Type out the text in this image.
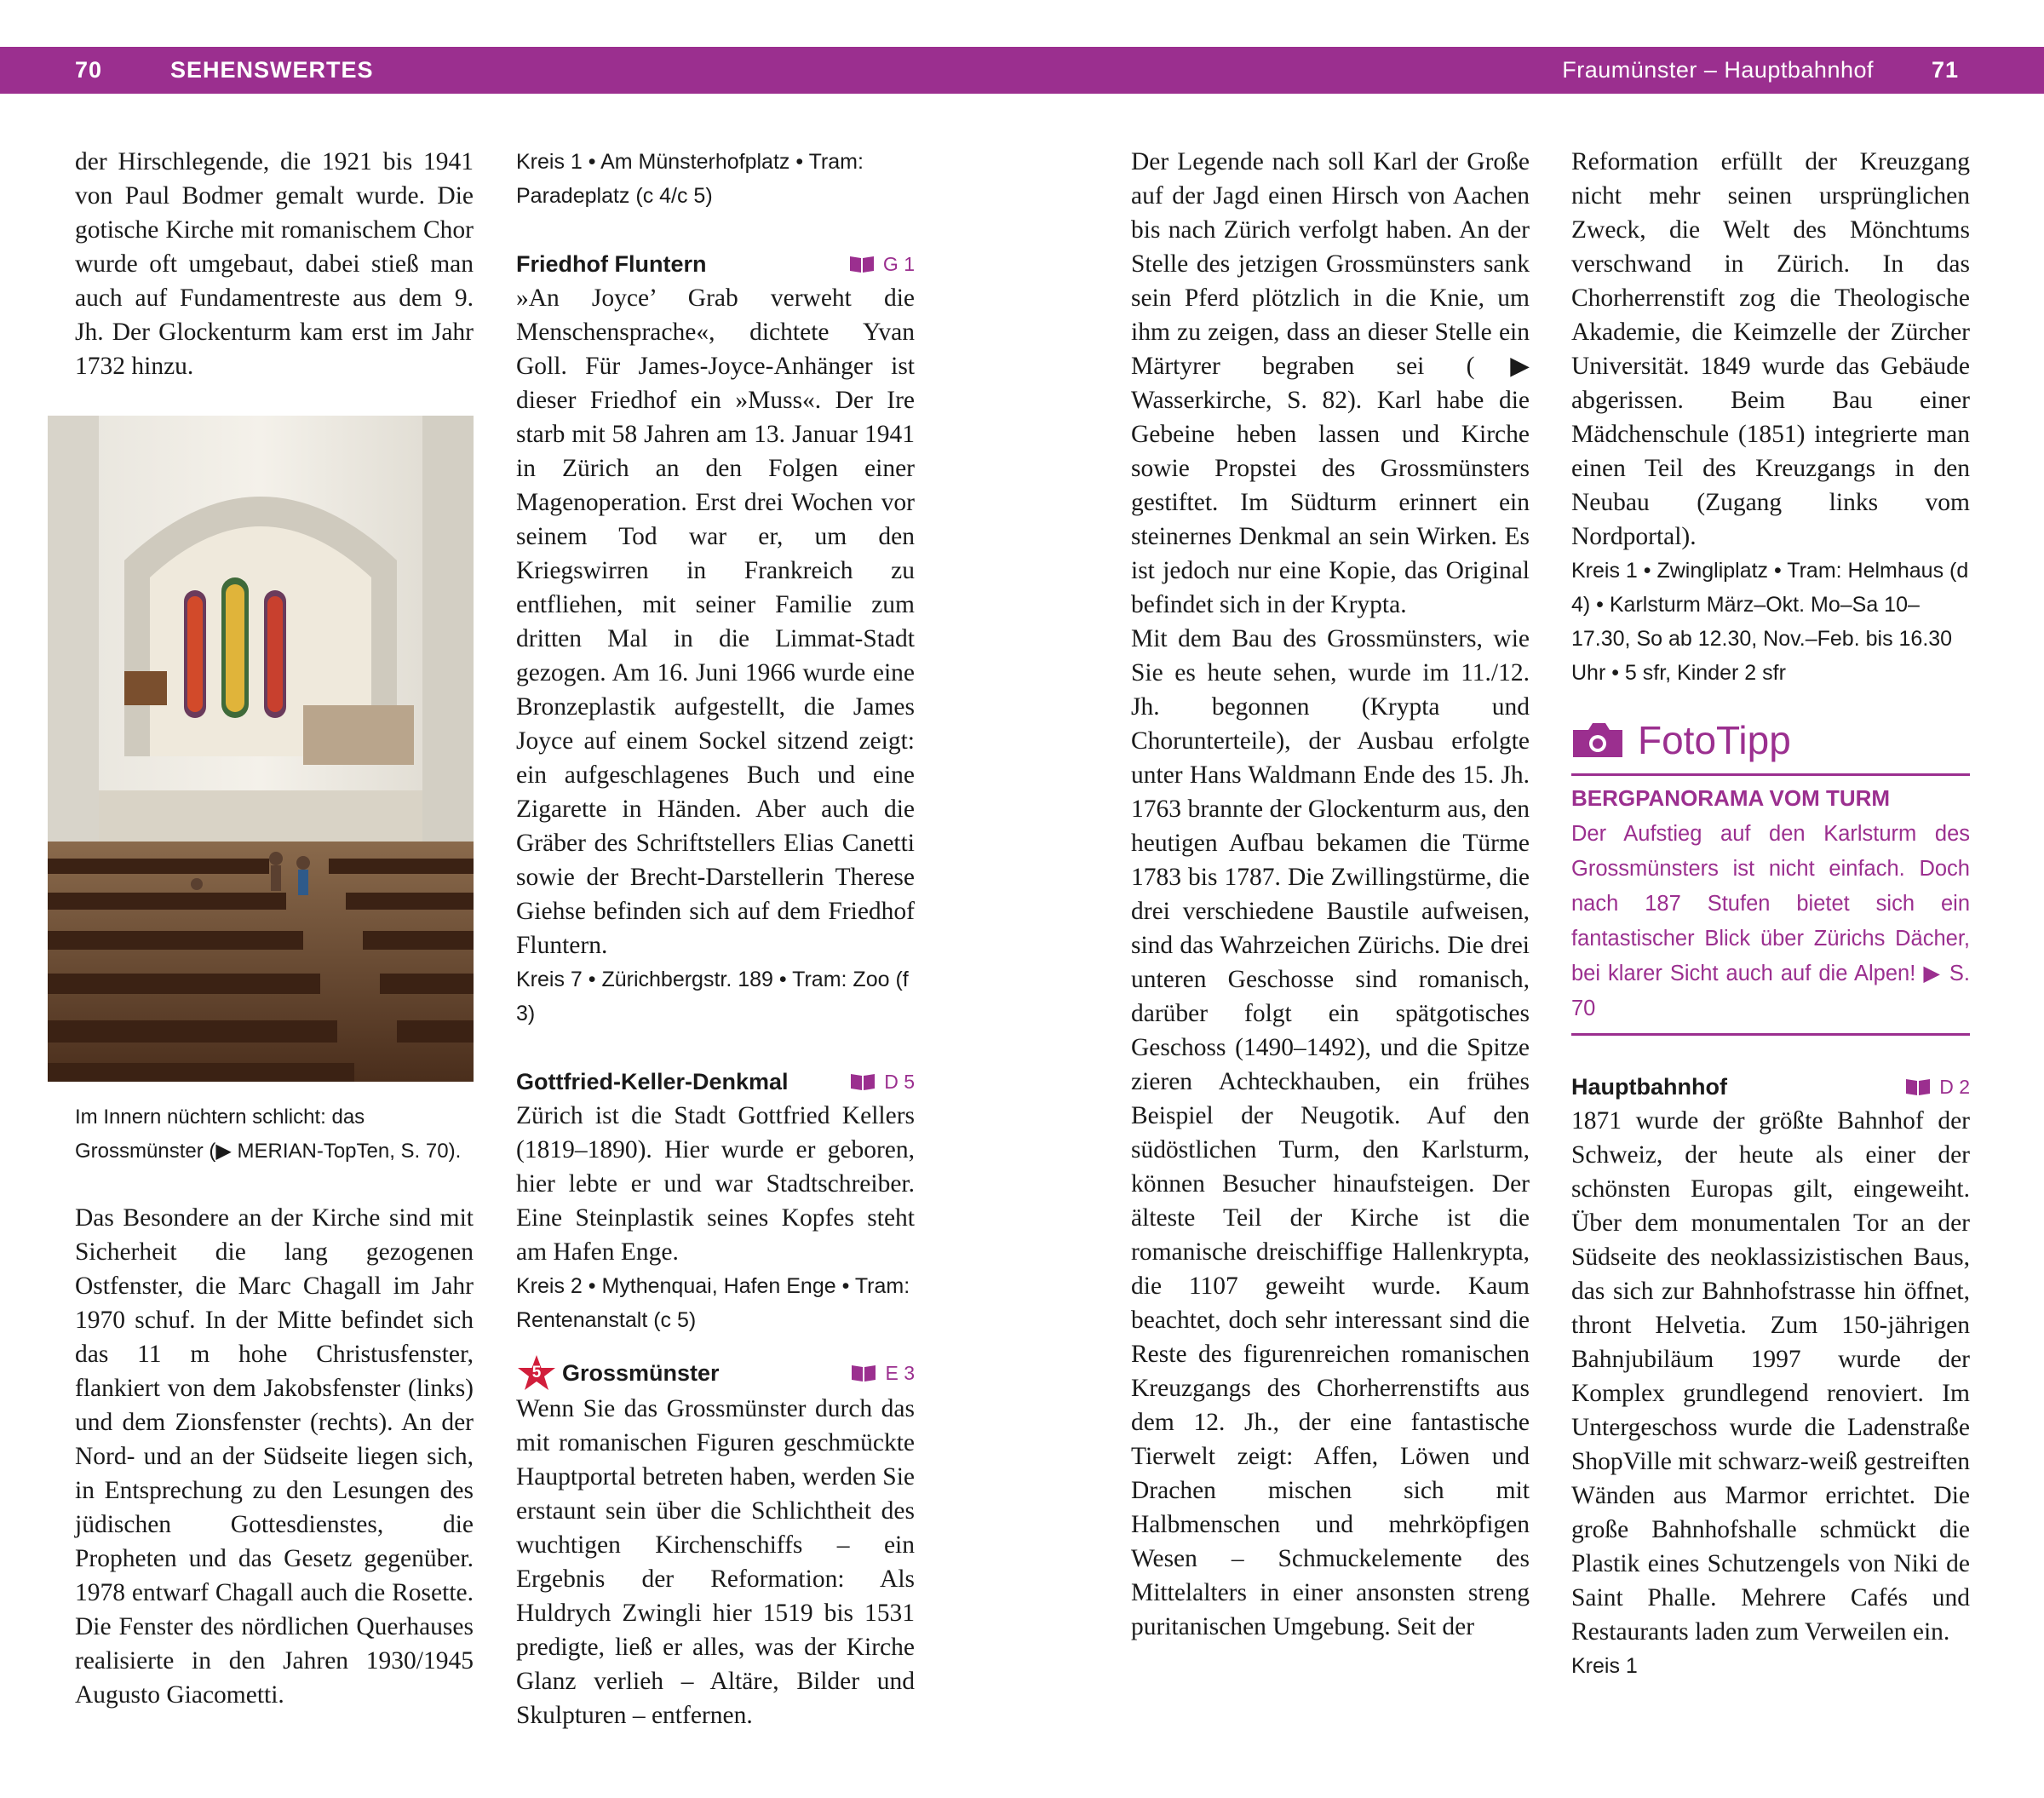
70	SEHENSWERTES	Fraumünster – Hauptbahnhof	71

der Hirschlegende, die 1921 bis 1941 von Paul Bodmer gemalt wurde. Die gotische Kirche mit romanischem Chor wurde oft umgebaut, dabei stieß man auch auf Fundamentreste aus dem 9. Jh. Der Glockenturm kam erst im Jahr 1732 hinzu.

Im Innern nüchtern schlicht: das Grossmünster (▶ MERIAN-TopTen, S. 70).

Das Besondere an der Kirche sind mit Sicherheit die lang gezogenen Ostfenster, die Marc Chagall im Jahr 1970 schuf. In der Mitte befindet sich das 11 m hohe Christusfenster, flankiert von dem Jakobsfenster (links) und dem Zionsfenster (rechts). An der Nord- und an der Südseite liegen sich, in Entsprechung zu den Lesungen des jüdischen Gottesdienstes, die Propheten und das Gesetz gegenüber. 1978 entwarf Chagall auch die Rosette. Die Fenster des nördlichen Querhauses realisierte in den Jahren 1930/1945 Augusto Giacometti.

Kreis 1 • Am Münsterhofplatz • Tram: Paradeplatz (c 4/c 5)
Friedhof Fluntern	G 1

»An Joyce’ Grab verweht die Menschensprache«, dichtete Yvan Goll. Für James-Joyce-Anhänger ist dieser Friedhof ein »Muss«. Der Ire starb mit 58 Jahren am 13. Januar 1941 in Zürich an den Folgen einer Magenoperation. Erst drei Wochen vor seinem Tod war er, um den Kriegswirren in Frankreich zu entfliehen, mit seiner Familie zum dritten Mal in die Limmat-Stadt gezogen. Am 16. Juni 1966 wurde eine Bronzeplastik aufgestellt, die James Joyce auf einem Sockel sitzend zeigt: ein aufgeschlagenes Buch und eine Zigarette in Händen. Aber auch die Gräber des Schriftstellers Elias Canetti sowie der Brecht-Darstellerin Therese Giehse befinden sich auf dem Friedhof Fluntern.

Kreis 7 • Zürichbergstr. 189 • Tram: Zoo (f 3)
Gottfried-Keller-Denkmal	D 5

Zürich ist die Stadt Gottfried Kellers (1819–1890). Hier wurde er geboren, hier lebte er und war Stadtschreiber. Eine Steinplastik seines Kopfes steht am Hafen Enge.

Kreis 2 • Mythenquai, Hafen Enge • Tram: Rentenanstalt (c 5)
5 Grossmünster	E 3

Wenn Sie das Grossmünster durch das mit romanischen Figuren geschmückte Hauptportal betreten haben, werden Sie erstaunt sein über die Schlichtheit des wuchtigen Kirchenschiffs – ein Ergebnis der Reformation: Als Huldrych Zwingli hier 1519 bis 1531 predigte, ließ er alles, was der Kirche Glanz verlieh – Altäre, Bilder und Skulpturen – entfernen.

Der Legende nach soll Karl der Große auf der Jagd einen Hirsch von Aachen bis nach Zürich verfolgt haben. An der Stelle des jetzigen Grossmünsters sank sein Pferd plötzlich in die Knie, um ihm zu zeigen, dass an dieser Stelle ein Märtyrer begraben sei (▶ Wasserkirche, S. 82). Karl habe die Gebeine heben lassen und Kirche sowie Propstei des Grossmünsters gestiftet. Im Südturm erinnert ein steinernes Denkmal an sein Wirken. Es ist jedoch nur eine Kopie, das Original befindet sich in der Krypta.

Mit dem Bau des Grossmünsters, wie Sie es heute sehen, wurde im 11./12. Jh. begonnen (Krypta und Chorunterteile), der Ausbau erfolgte unter Hans Waldmann Ende des 15. Jh. 1763 brannte der Glockenturm aus, den heutigen Aufbau bekamen die Türme 1783 bis 1787. Die Zwillingstürme, die drei verschiedene Baustile aufweisen, sind das Wahrzeichen Zürichs. Die drei unteren Geschosse sind romanisch, darüber folgt ein spätgotisches Geschoss (1490–1492), und die Spitze zieren Achteckhauben, ein frühes Beispiel der Neugotik. Auf den südöstlichen Turm, den Karlsturm, können Besucher hinaufsteigen. Der älteste Teil der Kirche ist die romanische dreischiffige Hallenkrypta, die 1107 geweiht wurde. Kaum beachtet, doch sehr interessant sind die Reste des figurenreichen romanischen Kreuzgangs des Chorherrenstifts aus dem 12. Jh., der eine fantastische Tierwelt zeigt: Affen, Löwen und Drachen mischen sich mit Halbmenschen und mehrköpfigen Wesen – Schmuckelemente des Mittelalters in einer ansonsten streng puritanischen Umgebung. Seit der

Reformation erfüllt der Kreuzgang nicht mehr seinen ursprünglichen Zweck, die Welt des Mönchtums verschwand in Zürich. In das Chorherrenstift zog die Theologische Akademie, die Keimzelle der Zürcher Universität. 1849 wurde das Gebäude abgerissen. Beim Bau einer Mädchenschule (1851) integrierte man einen Teil des Kreuzgangs in den Neubau (Zugang links vom Nordportal).

Kreis 1 • Zwingliplatz • Tram: Helmhaus (d 4) • Karlsturm März–Okt. Mo–Sa 10–17.30, So ab 12.30, Nov.–Feb. bis 16.30 Uhr • 5 sfr, Kinder 2 sfr
FotoTipp
BERGPANORAMA VOM TURM
Der Aufstieg auf den Karlsturm des Grossmünsters ist nicht einfach. Doch nach 187 Stufen bietet sich ein fantastischer Blick über Zürichs Dächer, bei klarer Sicht auch auf die Alpen! ▶ S. 70
Hauptbahnhof	D 2

1871 wurde der größte Bahnhof der Schweiz, der heute als einer der schönsten Europas gilt, eingeweiht. Über dem monumentalen Tor an der Südseite des neoklassizistischen Baus, das sich zur Bahnhofstrasse hin öffnet, thront Helvetia. Zum 150-jährigen Bahnjubiläum 1997 wurde der Komplex grundlegend renoviert. Im Untergeschoss wurde die Ladenstraße ShopVille mit schwarz-weiß gestreiften Wänden aus Marmor errichtet. Die große Bahnhofshalle schmückt die Plastik eines Schutzengels von Niki de Saint Phalle. Mehrere Cafés und Restaurants laden zum Verweilen ein.

Kreis 1
